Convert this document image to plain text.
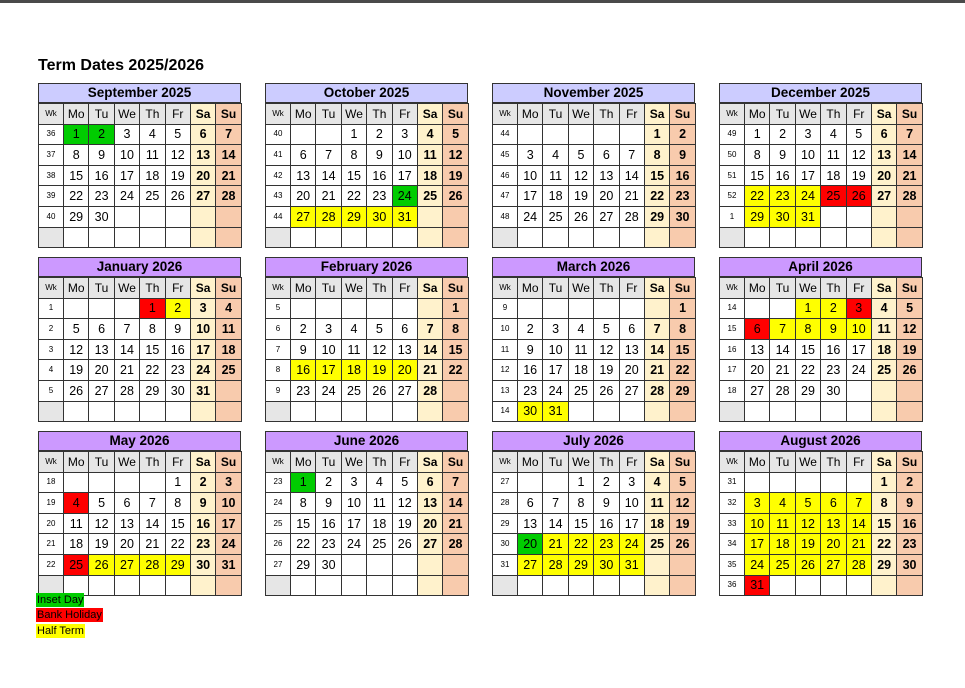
Term Dates 2025/2026
September 2025
Wk	Mo	Tu	We	Th	Fr	Sa	Su
36	1	2	3	4	5	6	7
37	8	9	10	11	12	13	14
38	15	16	17	18	19	20	21
39	22	23	24	25	26	27	28
40	29	30					

October 2025
Wk	Mo	Tu	We	Th	Fr	Sa	Su
40			1	2	3	4	5
41	6	7	8	9	10	11	12
42	13	14	15	16	17	18	19
43	20	21	22	23	24	25	26
44	27	28	29	30	31		

November 2025
Wk	Mo	Tu	We	Th	Fr	Sa	Su
44						1	2
45	3	4	5	6	7	8	9
46	10	11	12	13	14	15	16
47	17	18	19	20	21	22	23
48	24	25	26	27	28	29	30

December 2025
Wk	Mo	Tu	We	Th	Fr	Sa	Su
49	1	2	3	4	5	6	7
50	8	9	10	11	12	13	14
51	15	16	17	18	19	20	21
52	22	23	24	25	26	27	28
1	29	30	31				

January 2026
Wk	Mo	Tu	We	Th	Fr	Sa	Su
1				1	2	3	4
2	5	6	7	8	9	10	11
3	12	13	14	15	16	17	18
4	19	20	21	22	23	24	25
5	26	27	28	29	30	31	

February 2026
Wk	Mo	Tu	We	Th	Fr	Sa	Su
5							1
6	2	3	4	5	6	7	8
7	9	10	11	12	13	14	15
8	16	17	18	19	20	21	22
9	23	24	25	26	27	28	

March 2026
Wk	Mo	Tu	We	Th	Fr	Sa	Su
9							1
10	2	3	4	5	6	7	8
11	9	10	11	12	13	14	15
12	16	17	18	19	20	21	22
13	23	24	25	26	27	28	29
14	30	31					
April 2026
Wk	Mo	Tu	We	Th	Fr	Sa	Su
14			1	2	3	4	5
15	6	7	8	9	10	11	12
16	13	14	15	16	17	18	19
17	20	21	22	23	24	25	26
18	27	28	29	30			

May 2026
Wk	Mo	Tu	We	Th	Fr	Sa	Su
18					1	2	3
19	4	5	6	7	8	9	10
20	11	12	13	14	15	16	17
21	18	19	20	21	22	23	24
22	25	26	27	28	29	30	31

June 2026
Wk	Mo	Tu	We	Th	Fr	Sa	Su
23	1	2	3	4	5	6	7
24	8	9	10	11	12	13	14
25	15	16	17	18	19	20	21
26	22	23	24	25	26	27	28
27	29	30					

July 2026
Wk	Mo	Tu	We	Th	Fr	Sa	Su
27			1	2	3	4	5
28	6	7	8	9	10	11	12
29	13	14	15	16	17	18	19
30	20	21	22	23	24	25	26
31	27	28	29	30	31		

August 2026
Wk	Mo	Tu	We	Th	Fr	Sa	Su
31						1	2
32	3	4	5	6	7	8	9
33	10	11	12	13	14	15	16
34	17	18	19	20	21	22	23
35	24	25	26	27	28	29	30
36	31						
Inset Day
Bank Holiday
Half Term
